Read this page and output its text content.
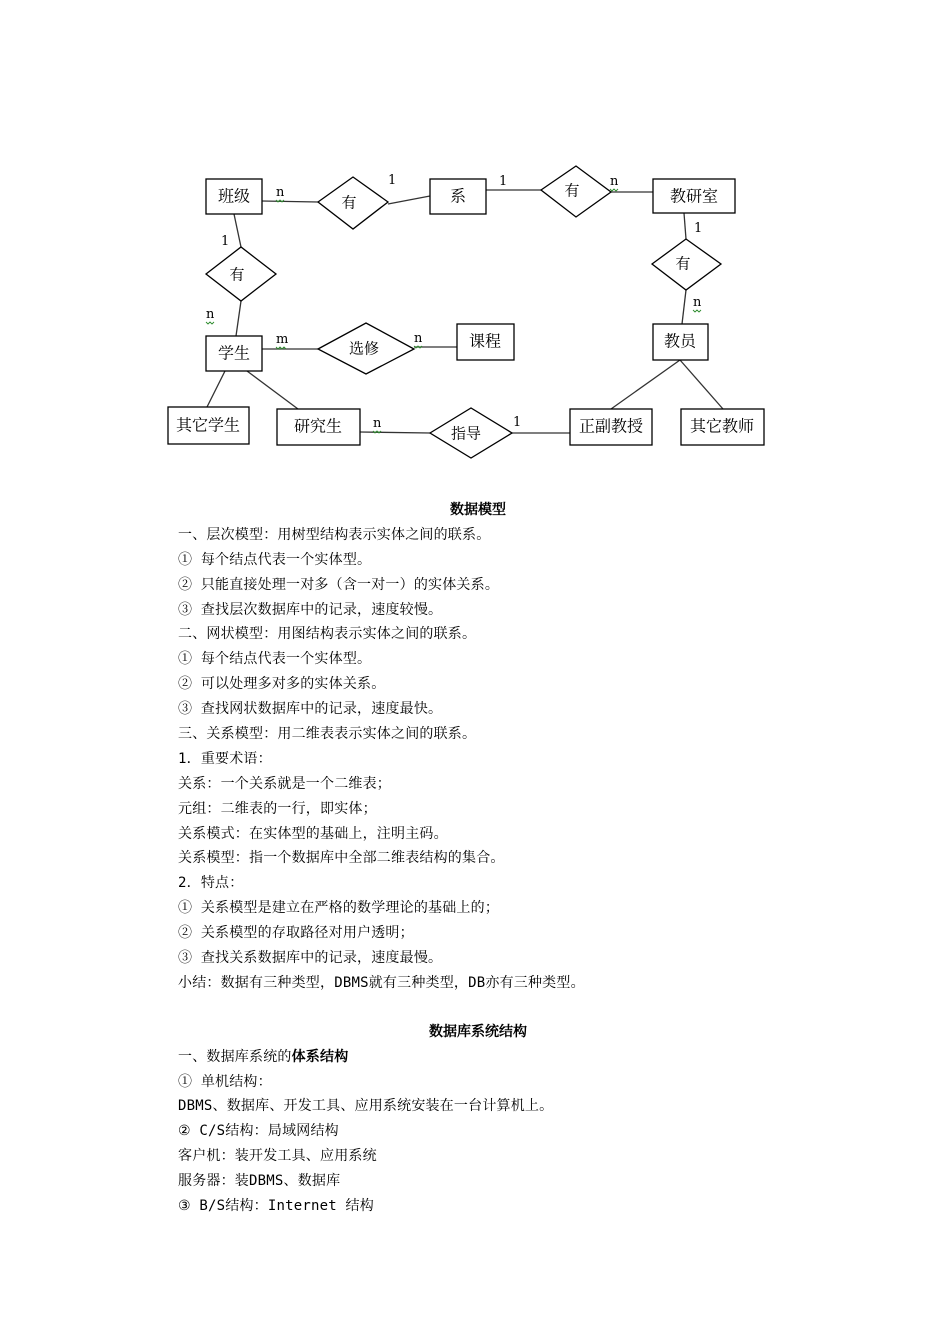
班级	系	教研室
学生
课程	教员
其它学生	研究生	正副教授	其它教师
有
有
有
有
选修
指导
n
1	1	n
1
n
1
n
m	n
n	1
数据模型
一、层次模型：用树型结构表示实体之间的联系。
① 每个结点代表一个实体型。
② 只能直接处理一对多（含一对一）的实体关系。
③ 查找层次数据库中的记录，速度较慢。
二、网状模型：用图结构表示实体之间的联系。
① 每个结点代表一个实体型。
② 可以处理多对多的实体关系。
③ 查找网状数据库中的记录，速度最快。
三、关系模型：用二维表表示实体之间的联系。
1．重要术语：
关系：一个关系就是一个二维表；
元组：二维表的一行，即实体；
关系模式：在实体型的基础上，注明主码。
关系模型：指一个数据库中全部二维表结构的集合。
2．特点：
① 关系模型是建立在严格的数学理论的基础上的；
② 关系模型的存取路径对用户透明；
③ 查找关系数据库中的记录，速度最慢。
小结：数据有三种类型，DBMS就有三种类型，DB亦有三种类型。
数据库系统结构
一、数据库系统的体系结构
① 单机结构：
DBMS、数据库、开发工具、应用系统安装在一台计算机上。
② C/S结构：局域网结构
客户机：装开发工具、应用系统
服务器：装DBMS、数据库
③ B/S结构：Internet 结构
